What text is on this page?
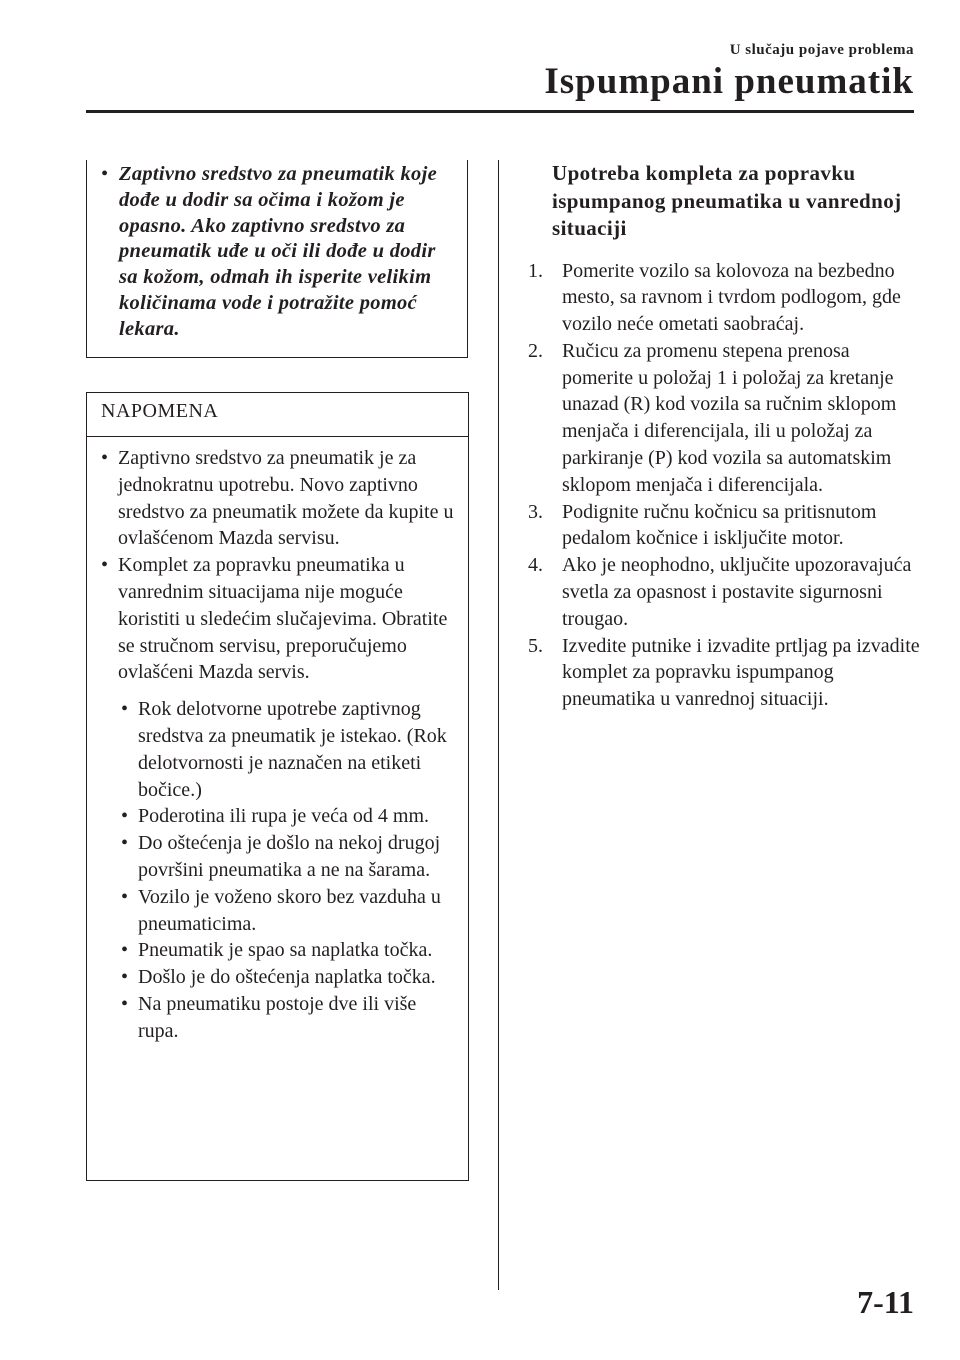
U slučaju pojave problema
Ispumpani pneumatik
• Zaptivno sredstvo za pneumatik koje dođe u dodir sa očima i kožom je opasno. Ako zaptivno sredstvo za pneumatik uđe u oči ili dođe u dodir sa kožom, odmah ih isperite velikim količinama vode i potražite pomoć lekara.
NAPOMENA
• Zaptivno sredstvo za pneumatik je za jednokratnu upotrebu. Novo zaptivno sredstvo za pneumatik možete da kupite u ovlašćenom Mazda servisu.
• Komplet za popravku pneumatika u vanrednim situacijama nije moguće koristiti u sledećim slučajevima. Obratite se stručnom servisu, preporučujemo ovlašćeni Mazda servis.
• Rok delotvorne upotrebe zaptivnog sredstva za pneumatik je istekao. (Rok delotvornosti je naznačen na etiketi bočice.)
• Poderotina ili rupa je veća od 4 mm.
• Do oštećenja je došlo na nekoj drugoj površini pneumatika a ne na šarama.
• Vozilo je voženo skoro bez vazduha u pneumaticima.
• Pneumatik je spao sa naplatka točka.
• Došlo je do oštećenja naplatka točka.
• Na pneumatiku postoje dve ili više rupa.
Upotreba kompleta za popravku ispumpanog pneumatika u vanrednoj situaciji
1. Pomerite vozilo sa kolovoza na bezbedno mesto, sa ravnom i tvrdom podlogom, gde vozilo neće ometati saobraćaj.
2. Ručicu za promenu stepena prenosa pomerite u položaj 1 i položaj za kretanje unazad (R) kod vozila sa ručnim sklopom menjača i diferencijala, ili u položaj za parkiranje (P) kod vozila sa automatskim sklopom menjača i diferencijala.
3. Podignite ručnu kočnicu sa pritisnutom pedalom kočnice i isključite motor.
4. Ako je neophodno, uključite upozoravajuća svetla za opasnost i postavite sigurnosni trougao.
5. Izvedite putnike i izvadite prtljag pa izvadite komplet za popravku ispumpanog pneumatika u vanrednoj situaciji.
7-11
